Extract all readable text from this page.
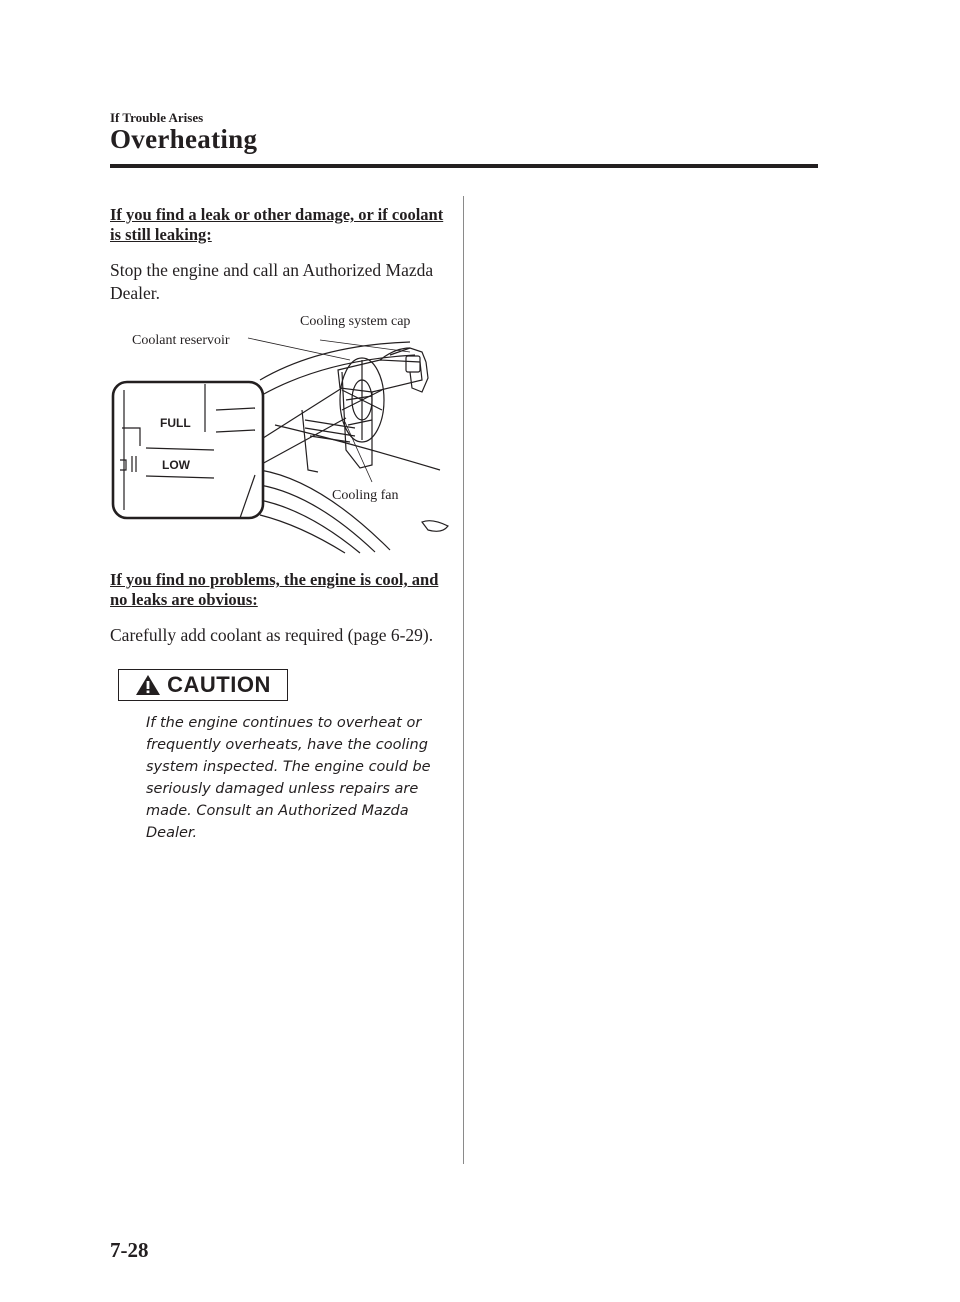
If Trouble Arises
Overheating
If you find a leak or other damage, or if coolant is still leaking:
Stop the engine and call an Authorized Mazda Dealer.
Cooling system cap
Coolant reservoir
Cooling fan
FULL
LOW
If you find no problems, the engine is cool, and no leaks are obvious:
Carefully add coolant as required (page 6-29).
CAUTION
If the engine continues to overheat or frequently overheats, have the cooling system inspected. The engine could be seriously damaged unless repairs are made. Consult an Authorized Mazda Dealer.
7-28
